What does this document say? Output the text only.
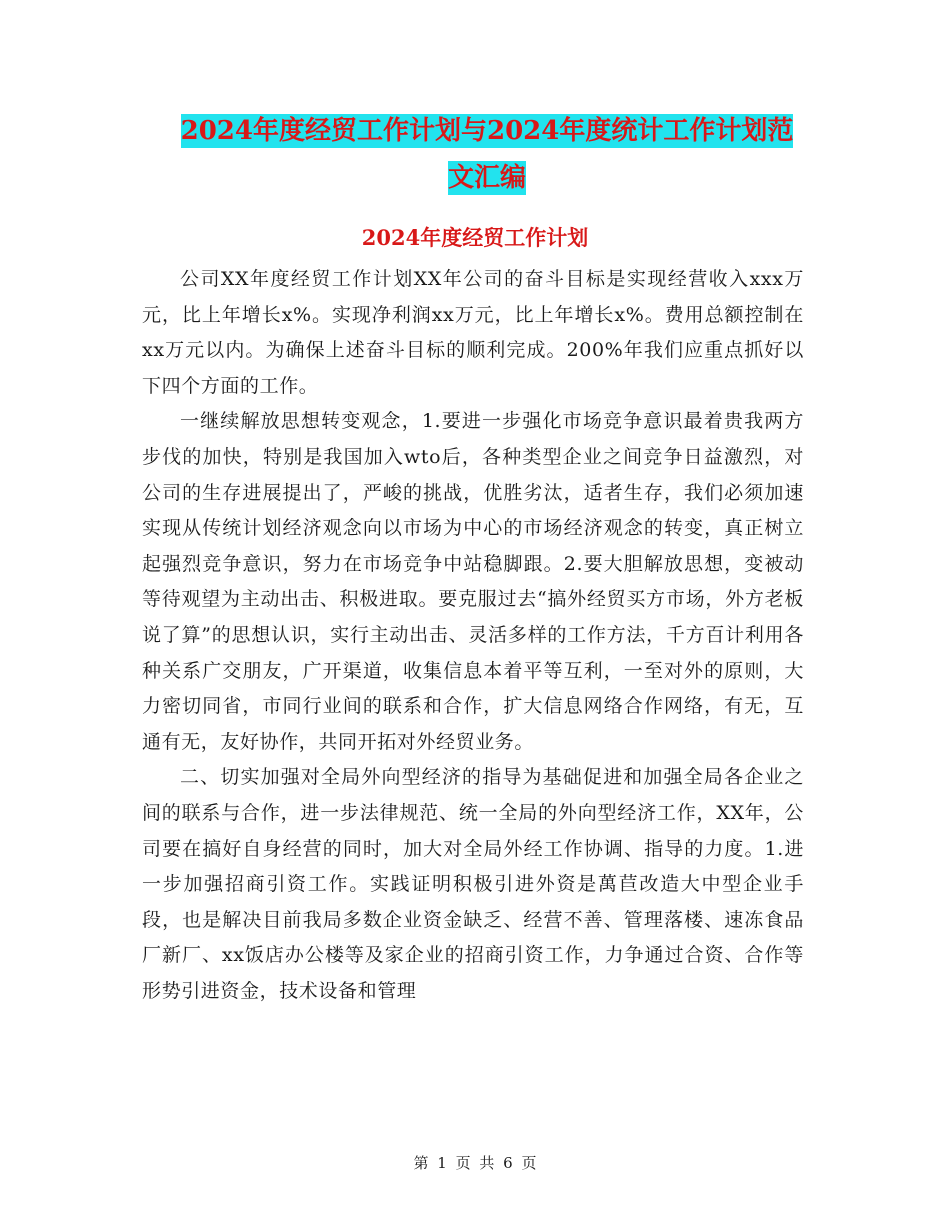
2024年度经贸工作计划与2024年度统计工作计划范文汇编
2024年度经贸工作计划

公司XX年度经贸工作计划XX年公司的奋斗目标是实现经营收入xxx万元，比上年增长x%。实现净利润xx万元，比上年增长x%。费用总额控制在xx万元以内。为确保上述奋斗目标的顺利完成。200%年我们应重点抓好以下四个方面的工作。

一继续解放思想转变观念，1.要进一步强化市场竞争意识最着贵我两方步伐的加快，特别是我国加入wto后，各种类型企业之间竞争日益激烈，对公司的生存进展提出了，严峻的挑战，优胜劣汰，适者生存，我们必须加速实现从传统计划经济观念向以市场为中心的市场经济观念的转变，真正树立起强烈竞争意识，努力在市场竞争中站稳脚跟。2.要大胆解放思想，变被动等待观望为主动出击、积极进取。要克服过去“搞外经贸买方市场，外方老板说了算”的思想认识，实行主动出击、灵活多样的工作方法，千方百计利用各种关系广交朋友，广开渠道，收集信息本着平等互利，一至对外的原则，大力密切同省，市同行业间的联系和合作，扩大信息网络合作网络，有无，互通有无，友好协作，共同开拓对外经贸业务。

二、切实加强对全局外向型经济的指导为基础促进和加强全局各企业之间的联系与合作，进一步法律规范、统一全局的外向型经济工作，XX年，公司要在搞好自身经营的同时，加大对全局外经工作协调、指导的力度。1.进一步加强招商引资工作。实践证明积极引进外资是萬苣改造大中型企业手段，也是解决目前我局多数企业资金缺乏、经营不善、管理落楼、速冻食品厂新厂、xx饭店办公楼等及家企业的招商引资工作，力争通过合资、合作等形势引进资金，技术设备和管理

第 1 页 共 6 页
